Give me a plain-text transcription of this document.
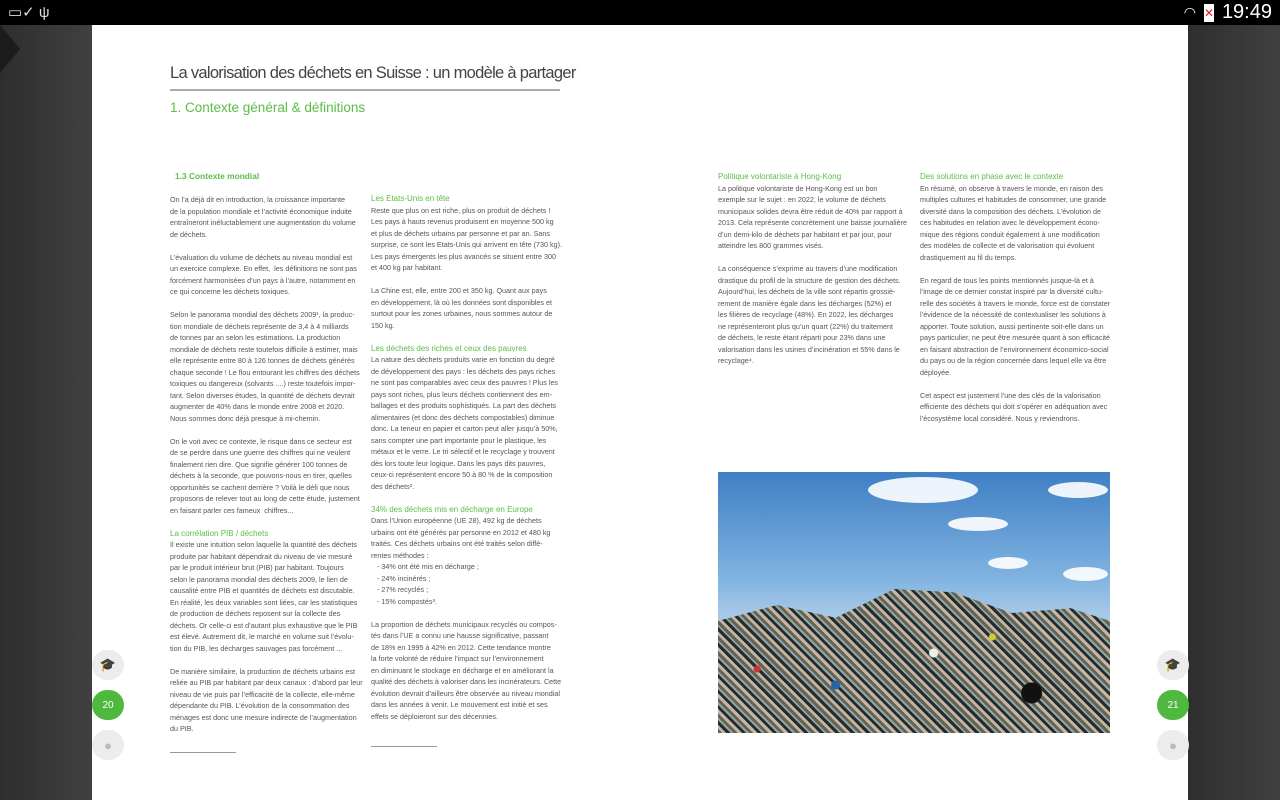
▭✓ ψ	◠ ✕ 19:49
La valorisation des déchets en Suisse : un modèle à partager
1. Contexte général & définitions
1.3 Contexte mondial
On l’a déjà dit en introduction, la croissance importante
de la population mondiale et l’activité économique induite
entraîneront inéluctablement une augmentation du volume
de déchets.
L’évaluation du volume de déchets au niveau mondial est
un exercice complexe. En effet,  les définitions ne sont pas
forcément harmonisées d’un pays à l’autre, notamment en
ce qui concerne les déchets toxiques.
Selon le panorama mondial des déchets 2009¹, la produc-
tion mondiale de déchets représente de 3,4 à 4 milliards
de tonnes par an selon les estimations. La production
mondiale de déchets reste toutefois difficile à estimer, mais
elle représente entre 80 à 126 tonnes de déchets générés
chaque seconde ! Le flou entourant les chiffres des déchets
toxiques ou dangereux (solvants ....) reste toutefois impor-
tant. Selon diverses études, la quantité de déchets devrait
augmenter de 40% dans le monde entre 2008 et 2020.
Nous sommes donc déjà presque à mi-chemin.
On le voit avec ce contexte, le risque dans ce secteur est
de se perdre dans une guerre des chiffres qui ne veulent
finalement rien dire. Que signifie générer 100 tonnes de
déchets à la seconde, que pouvons-nous en tirer, quelles
opportunités se cachent derrière ? Voilà le défi que nous
proposons de relever tout au long de cette étude, justement
en faisant parler ces fameux  chiffres...
La corrélation PIB / déchets
Il existe une intuition selon laquelle la quantité des déchets
produite par habitant dépendrait du niveau de vie mesuré
par le produit intérieur brut (PIB) par habitant. Toujours
selon le panorama mondial des déchets 2009, le lien de
causalité entre PIB et quantités de déchets est discutable.
En réalité, les deux variables sont liées, car les statistiques
de production de déchets reposent sur la collecte des
déchets. Or celle-ci est d’autant plus exhaustive que le PIB
est élevé. Autrement dit, le marché en volume suit l’évolu-
tion du PIB, les décharges sauvages pas forcément ...
De manière similaire, la production de déchets urbains est
reliée au PIB par habitant par deux canaux : d’abord par leur
niveau de vie puis par l’efficacité de la collecte, elle-même
dépendante du PIB. L’évolution de la consommation des
ménages est donc une mesure indirecte de l’augmentation
du PIB.
Les Etats-Unis en tête
Reste que plus on est riche, plus on produit de déchets !
Les pays à hauts revenus produisent en moyenne 500 kg
et plus de déchets urbains par personne et par an. Sans
surprise, ce sont les Etats-Unis qui arrivent en tête (730 kg).
Les pays émergents les plus avancés se situent entre 300
et 400 kg par habitant.
La Chine est, elle, entre 200 et 350 kg. Quant aux pays
en développement, là où les données sont disponibles et
surtout pour les zones urbaines, nous sommes autour de
150 kg.
Les déchets des riches et ceux des pauvres
La nature des déchets produits varie en fonction du degré
de développement des pays : les déchets des pays riches
ne sont pas comparables avec ceux des pauvres ! Plus les
pays sont riches, plus leurs déchets contiennent des em-
ballages et des produits sophistiqués. La part des déchets
alimentaires (et donc des déchets compostables) diminue
donc. La teneur en papier et carton peut aller jusqu’à 50%,
sans compter une part importante pour le plastique, les
métaux et le verre. Le tri sélectif et le recyclage y trouvent
dès lors toute leur logique. Dans les pays dits pauvres,
ceux-ci représentent encore 50 à 80 % de la composition
des déchets².
34% des déchets mis en décharge en Europe
Dans l’Union européenne (UE 28), 492 kg de déchets
urbains ont été générés par personne en 2012 et 480 kg
traités. Ces déchets urbains ont été traités selon diffé-
rentes méthodes :
- 34% ont été mis en décharge ;
- 24% incinérés ;
- 27% recyclés ;
- 15% compostés³.
La proportion de déchets municipaux recyclés ou compos-
tés dans l’UE a connu une hausse significative, passant
de 18% en 1995 à 42% en 2012. Cette tendance montre
la forte volonté de réduire l’impact sur l’environnement
en diminuant le stockage en décharge et en améliorant la
qualité des déchets à valoriser dans les incinérateurs. Cette
évolution devrait d’ailleurs être observée au niveau mondial
dans les années à venir. Le mouvement est initié et ses
effets se déploieront sur des décennies.
Politique volontariste à Hong-Kong
La politique volontariste de Hong-Kong est un bon
exemple sur le sujet : en 2022, le volume de déchets
municipaux solides devra être réduit de 40% par rapport à
2013. Cela représente concrètement une baisse journalière
d’un demi-kilo de déchets par habitant et par jour, pour
atteindre les 800 grammes visés.
La conséquence s’exprime au travers d’une modification
drastique du profil de la structure de gestion des déchets.
Aujourd’hui, les déchets de la ville sont répartis grossiè-
rement de manière égale dans les décharges (52%) et
les filières de recyclage (48%). En 2022, les décharges
ne représenteront plus qu’un quart (22%) du traitement
de déchets, le reste étant réparti pour 23% dans une
valorisation dans les usines d’incinération et 55% dans le
recyclage⁴.
Des solutions en phase avec le contexte
En résumé, on observe à travers le monde, en raison des
multiples cultures et habitudes de consommer, une grande
diversité dans la composition des déchets. L’évolution de
ces habitudes en relation avec le développement écono-
mique des régions conduit également à une modification
des modèles de collecte et de valorisation qui évoluent
drastiquement au fil du temps.
En regard de tous les points mentionnés jusque-là et à
l’image de ce dernier constat inspiré par la diversité cultu-
relle des sociétés à travers le monde, force est de constater
l’évidence de la nécessité de contextualiser les solutions à
apporter. Toute solution, aussi pertinente soit-elle dans un
pays particulier, ne peut être mesurée quant à son efficacité
en faisant abstraction de l’environnement économico-social
du pays ou de la région concernée dans lequel elle va être
déployée.
Cet aspect est justement l’une des clés de la valorisation
efficiente des déchets qui doit s’opérer en adéquation avec
l’écosystème local considéré. Nous y reviendrons.
🎓
20
●
🎓
21
●
